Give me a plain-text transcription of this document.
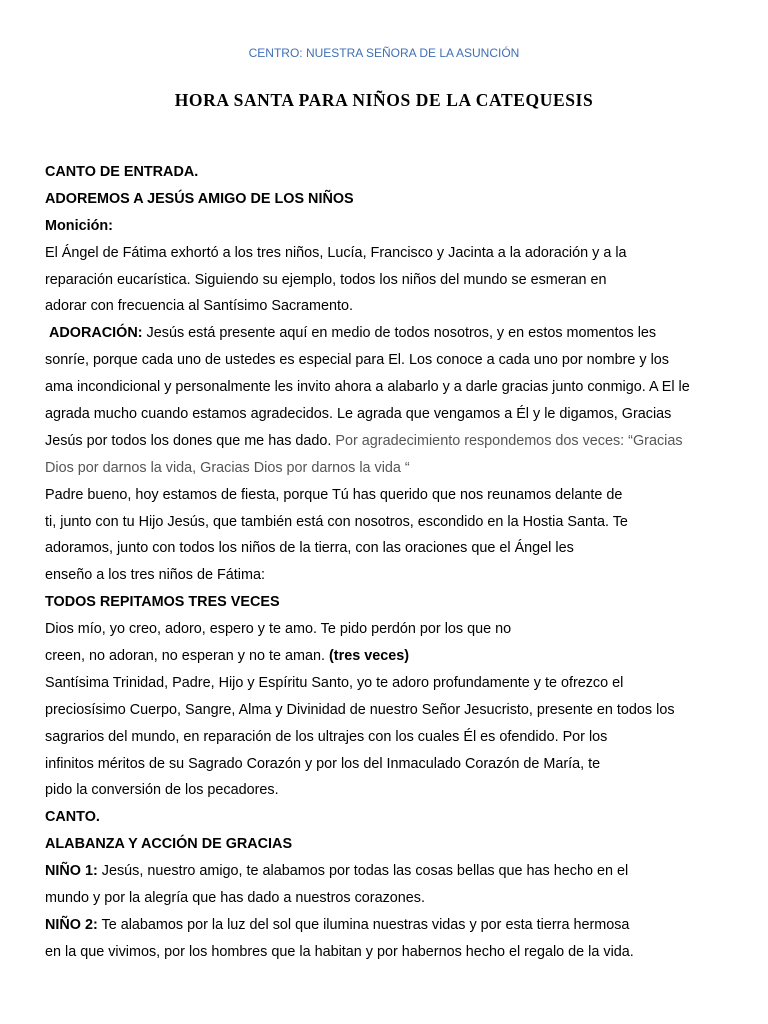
CENTRO: NUESTRA SEÑORA DE LA ASUNCIÓN
HORA SANTA PARA NIÑOS DE LA CATEQUESIS
CANTO DE ENTRADA.
ADOREMOS A JESÚS AMIGO DE LOS NIÑOS
Monición:
El Ángel de Fátima exhortó a los tres niños, Lucía, Francisco y Jacinta a la adoración y a la
reparación eucarística. Siguiendo su ejemplo, todos los niños del mundo se esmeran en
adorar con frecuencia al Santísimo Sacramento.
ADORACIÓN: Jesús está presente aquí en medio de todos nosotros, y en estos momentos les
sonríe, porque cada uno de ustedes es especial para El. Los conoce a cada uno por nombre y los
ama incondicional y personalmente les invito ahora a alabarlo y a darle gracias junto conmigo. A El le
agrada mucho cuando estamos agradecidos. Le agrada que vengamos a Él y le digamos, Gracias
Jesús por todos los dones que me has dado. Por agradecimiento respondemos dos veces: “Gracias
Dios por darnos la vida, Gracias Dios por darnos la vida “
Padre bueno, hoy estamos de fiesta, porque Tú has querido que nos reunamos delante de
ti, junto con tu Hijo Jesús, que también está con nosotros, escondido en la Hostia Santa. Te
adoramos, junto con todos los niños de la tierra, con las oraciones que el Ángel les
enseño a los tres niños de Fátima:
TODOS REPITAMOS TRES VECES
Dios mío, yo creo, adoro, espero y te amo. Te pido perdón por los que no
creen, no adoran, no esperan y no te aman. (tres veces)
Santísima Trinidad, Padre, Hijo y Espíritu Santo, yo te adoro profundamente y te ofrezco el
preciosísimo Cuerpo, Sangre, Alma y Divinidad de nuestro Señor Jesucristo, presente en todos los
sagrarios del mundo, en reparación de los ultrajes con los cuales Él es ofendido. Por los
infinitos méritos de su Sagrado Corazón y por los del Inmaculado Corazón de María, te
pido la conversión de los pecadores.
CANTO.
ALABANZA Y ACCIÓN DE GRACIAS
NIÑO 1: Jesús, nuestro amigo, te alabamos por todas las cosas bellas que has hecho en el
mundo y por la alegría que has dado a nuestros corazones.
NIÑO 2: Te alabamos por la luz del sol que ilumina nuestras vidas y por esta tierra hermosa
en la que vivimos, por los hombres que la habitan y por habernos hecho el regalo de la vida.
